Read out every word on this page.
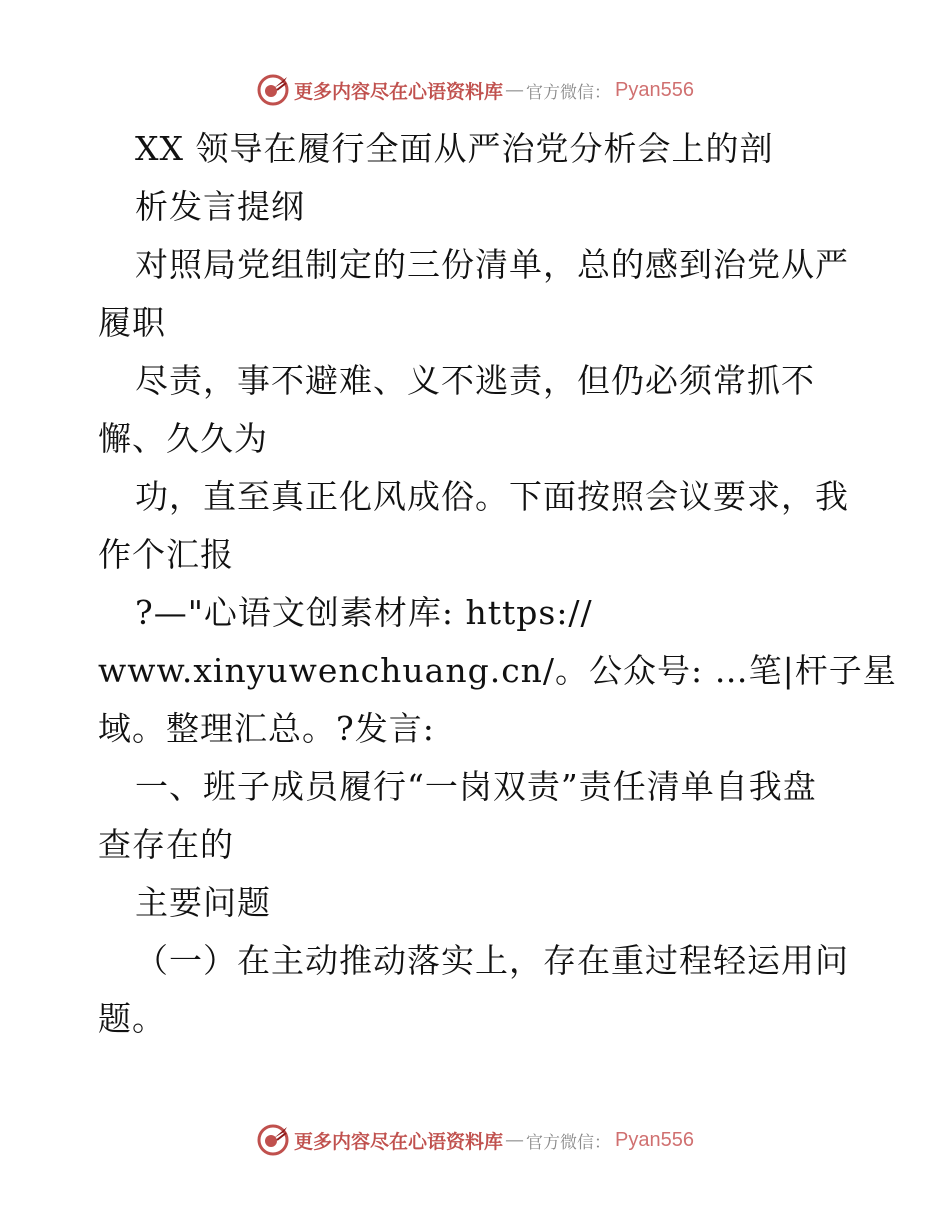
更多内容尽在心语资料库 — 官方微信： Pyan556
XX 领导在履行全面从严治党分析会上的剖
析发言提纲
对照局党组制定的三份清单，总的感到治党从严
履职
尽责，事不避难、义不逃责，但仍必须常抓不
懈、久久为
功，直至真正化风成俗。下面按照会议要求，我
作个汇报
?—"心语文创素材库: https://
www.xinyuwenchuang.cn/。公众号: …笔|杆子星
域。整理汇总。?发言:
一、班子成员履行“一岗双责”责任清单自我盘
查存在的
主要问题
（一）在主动推动落实上，存在重过程轻运用问
题。
更多内容尽在心语资料库 — 官方微信： Pyan556
